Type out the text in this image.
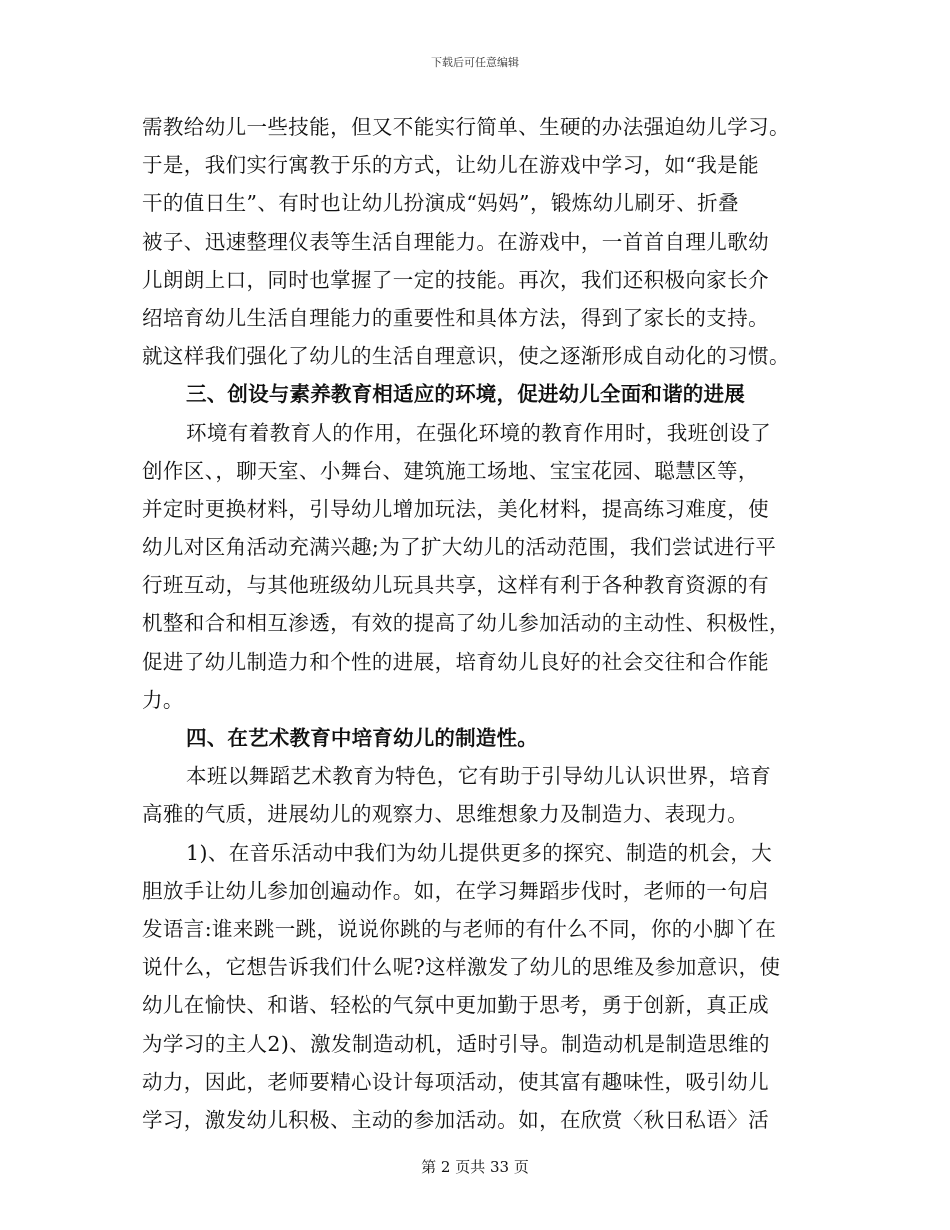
下载后可任意编辑
需教给幼儿一些技能，但又不能实行简单、生硬的办法强迫幼儿学习。
于是，我们实行寓教于乐的方式，让幼儿在游戏中学习，如“我是能
干的值日生”、有时也让幼儿扮演成“妈妈”，锻炼幼儿刷牙、折叠
被子、迅速整理仪表等生活自理能力。在游戏中，一首首自理儿歌幼
儿朗朗上口，同时也掌握了一定的技能。再次，我们还积极向家长介
绍培育幼儿生活自理能力的重要性和具体方法，得到了家长的支持。
就这样我们强化了幼儿的生活自理意识，使之逐渐形成自动化的习惯。
三、创设与素养教育相适应的环境，促进幼儿全面和谐的进展
环境有着教育人的作用，在强化环境的教育作用时，我班创设了
创作区、，聊天室、小舞台、建筑施工场地、宝宝花园、聪慧区等，
并定时更换材料，引导幼儿增加玩法，美化材料，提高练习难度，使
幼儿对区角活动充满兴趣;为了扩大幼儿的活动范围，我们尝试进行平
行班互动，与其他班级幼儿玩具共享，这样有利于各种教育资源的有
机整和合和相互渗透，有效的提高了幼儿参加活动的主动性、积极性，
促进了幼儿制造力和个性的进展，培育幼儿良好的社会交往和合作能
力。
四、在艺术教育中培育幼儿的制造性。
本班以舞蹈艺术教育为特色，它有助于引导幼儿认识世界，培育
高雅的气质，进展幼儿的观察力、思维想象力及制造力、表现力。
1)、在音乐活动中我们为幼儿提供更多的探究、制造的机会，大
胆放手让幼儿参加创遍动作。如，在学习舞蹈步伐时，老师的一句启
发语言:谁来跳一跳，说说你跳的与老师的有什么不同，你的小脚丫在
说什么，它想告诉我们什么呢?这样激发了幼儿的思维及参加意识，使
幼儿在愉快、和谐、轻松的气氛中更加勤于思考，勇于创新，真正成
为学习的主人2)、激发制造动机，适时引导。制造动机是制造思维的
动力，因此，老师要精心设计每项活动，使其富有趣味性，吸引幼儿
学习，激发幼儿积极、主动的参加活动。如，在欣赏〈秋日私语〉活
第 2 页共 33 页
